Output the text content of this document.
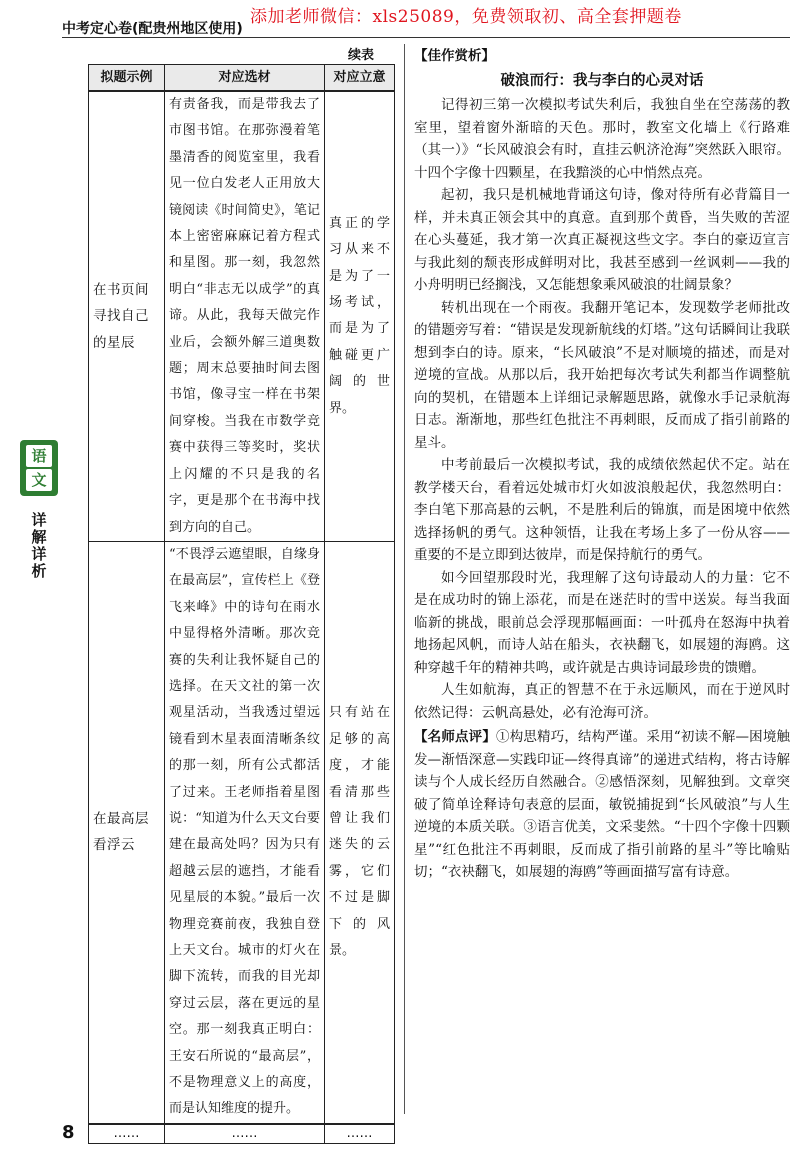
添加老师微信：xls25089，免费领取初、高全套押题卷
中考定心卷(配贵州地区使用)
语
文
详解详析
续表
拟题示例	对应选材	对应立意
在书页间寻找自己的星辰	有责备我，而是带我去了市图书馆。在那弥漫着笔墨清香的阅览室里，我看见一位白发老人正用放大镜阅读《时间简史》，笔记本上密密麻麻记着方程式和星图。那一刻，我忽然明白“非志无以成学”的真谛。从此，我每天做完作业后，会额外解三道奥数题；周末总要抽时间去图书馆，像寻宝一样在书架间穿梭。当我在市数学竞赛中获得三等奖时，奖状上闪耀的不只是我的名字，更是那个在书海中找到方向的自己。	真正的学习从来不是为了一场考试，而是为了触碰更广阔的世界。
在最高层看浮云	“不畏浮云遮望眼，自缘身在最高层”，宣传栏上《登飞来峰》中的诗句在雨水中显得格外清晰。那次竞赛的失利让我怀疑自己的选择。在天文社的第一次观星活动，当我透过望远镜看到木星表面清晰条纹的那一刻，所有公式都活了过来。王老师指着星图说：“知道为什么天文台要建在最高处吗？因为只有超越云层的遮挡，才能看见星辰的本貌。”最后一次物理竞赛前夜，我独自登上天文台。城市的灯火在脚下流转，而我的目光却穿过云层，落在更远的星空。那一刻我真正明白：王安石所说的“最高层”，不是物理意义上的高度，而是认知维度的提升。	只有站在足够的高度，才能看清那些曾让我们迷失的云雾，它们不过是脚下的风景。
……	……	……
【佳作赏析】
破浪而行：我与李白的心灵对话

记得初三第一次模拟考试失利后，我独自坐在空荡荡的教室里，望着窗外渐暗的天色。那时，教室文化墙上《行路难（其一）》“长风破浪会有时，直挂云帆济沧海”突然跃入眼帘。十四个字像十四颗星，在我黯淡的心中悄然点亮。

起初，我只是机械地背诵这句诗，像对待所有必背篇目一样，并未真正领会其中的真意。直到那个黄昏，当失败的苦涩在心头蔓延，我才第一次真正凝视这些文字。李白的豪迈宣言与我此刻的颓丧形成鲜明对比，我甚至感到一丝讽刺——我的小舟明明已经搁浅，又怎能想象乘风破浪的壮阔景象？

转机出现在一个雨夜。我翻开笔记本，发现数学老师批改的错题旁写着：“错误是发现新航线的灯塔。”这句话瞬间让我联想到李白的诗。原来，“长风破浪”不是对顺境的描述，而是对逆境的宣战。从那以后，我开始把每次考试失利都当作调整航向的契机，在错题本上详细记录解题思路，就像水手记录航海日志。渐渐地，那些红色批注不再刺眼，反而成了指引前路的星斗。

中考前最后一次模拟考试，我的成绩依然起伏不定。站在教学楼天台，看着远处城市灯火如波浪般起伏，我忽然明白：李白笔下那高悬的云帆，不是胜利后的锦旗，而是困境中依然选择扬帆的勇气。这种领悟，让我在考场上多了一份从容——重要的不是立即到达彼岸，而是保持航行的勇气。

如今回望那段时光，我理解了这句诗最动人的力量：它不是在成功时的锦上添花，而是在迷茫时的雪中送炭。每当我面临新的挑战，眼前总会浮现那幅画面：一叶孤舟在怒海中执着地扬起风帆，而诗人站在船头，衣袂翻飞，如展翅的海鸥。这种穿越千年的精神共鸣，或许就是古典诗词最珍贵的馈赠。

人生如航海，真正的智慧不在于永远顺风，而在于逆风时依然记得：云帆高悬处，必有沧海可济。

【名师点评】①构思精巧，结构严谨。采用“初读不解—困境触发—渐悟深意—实践印证—终得真谛”的递进式结构，将古诗解读与个人成长经历自然融合。②感悟深刻，见解独到。文章突破了简单诠释诗句表意的层面，敏锐捕捉到“长风破浪”与人生逆境的本质关联。③语言优美，文采斐然。“十四个字像十四颗星”“红色批注不再刺眼，反而成了指引前路的星斗”等比喻贴切；“衣袂翻飞，如展翅的海鸥”等画面描写富有诗意。
8
